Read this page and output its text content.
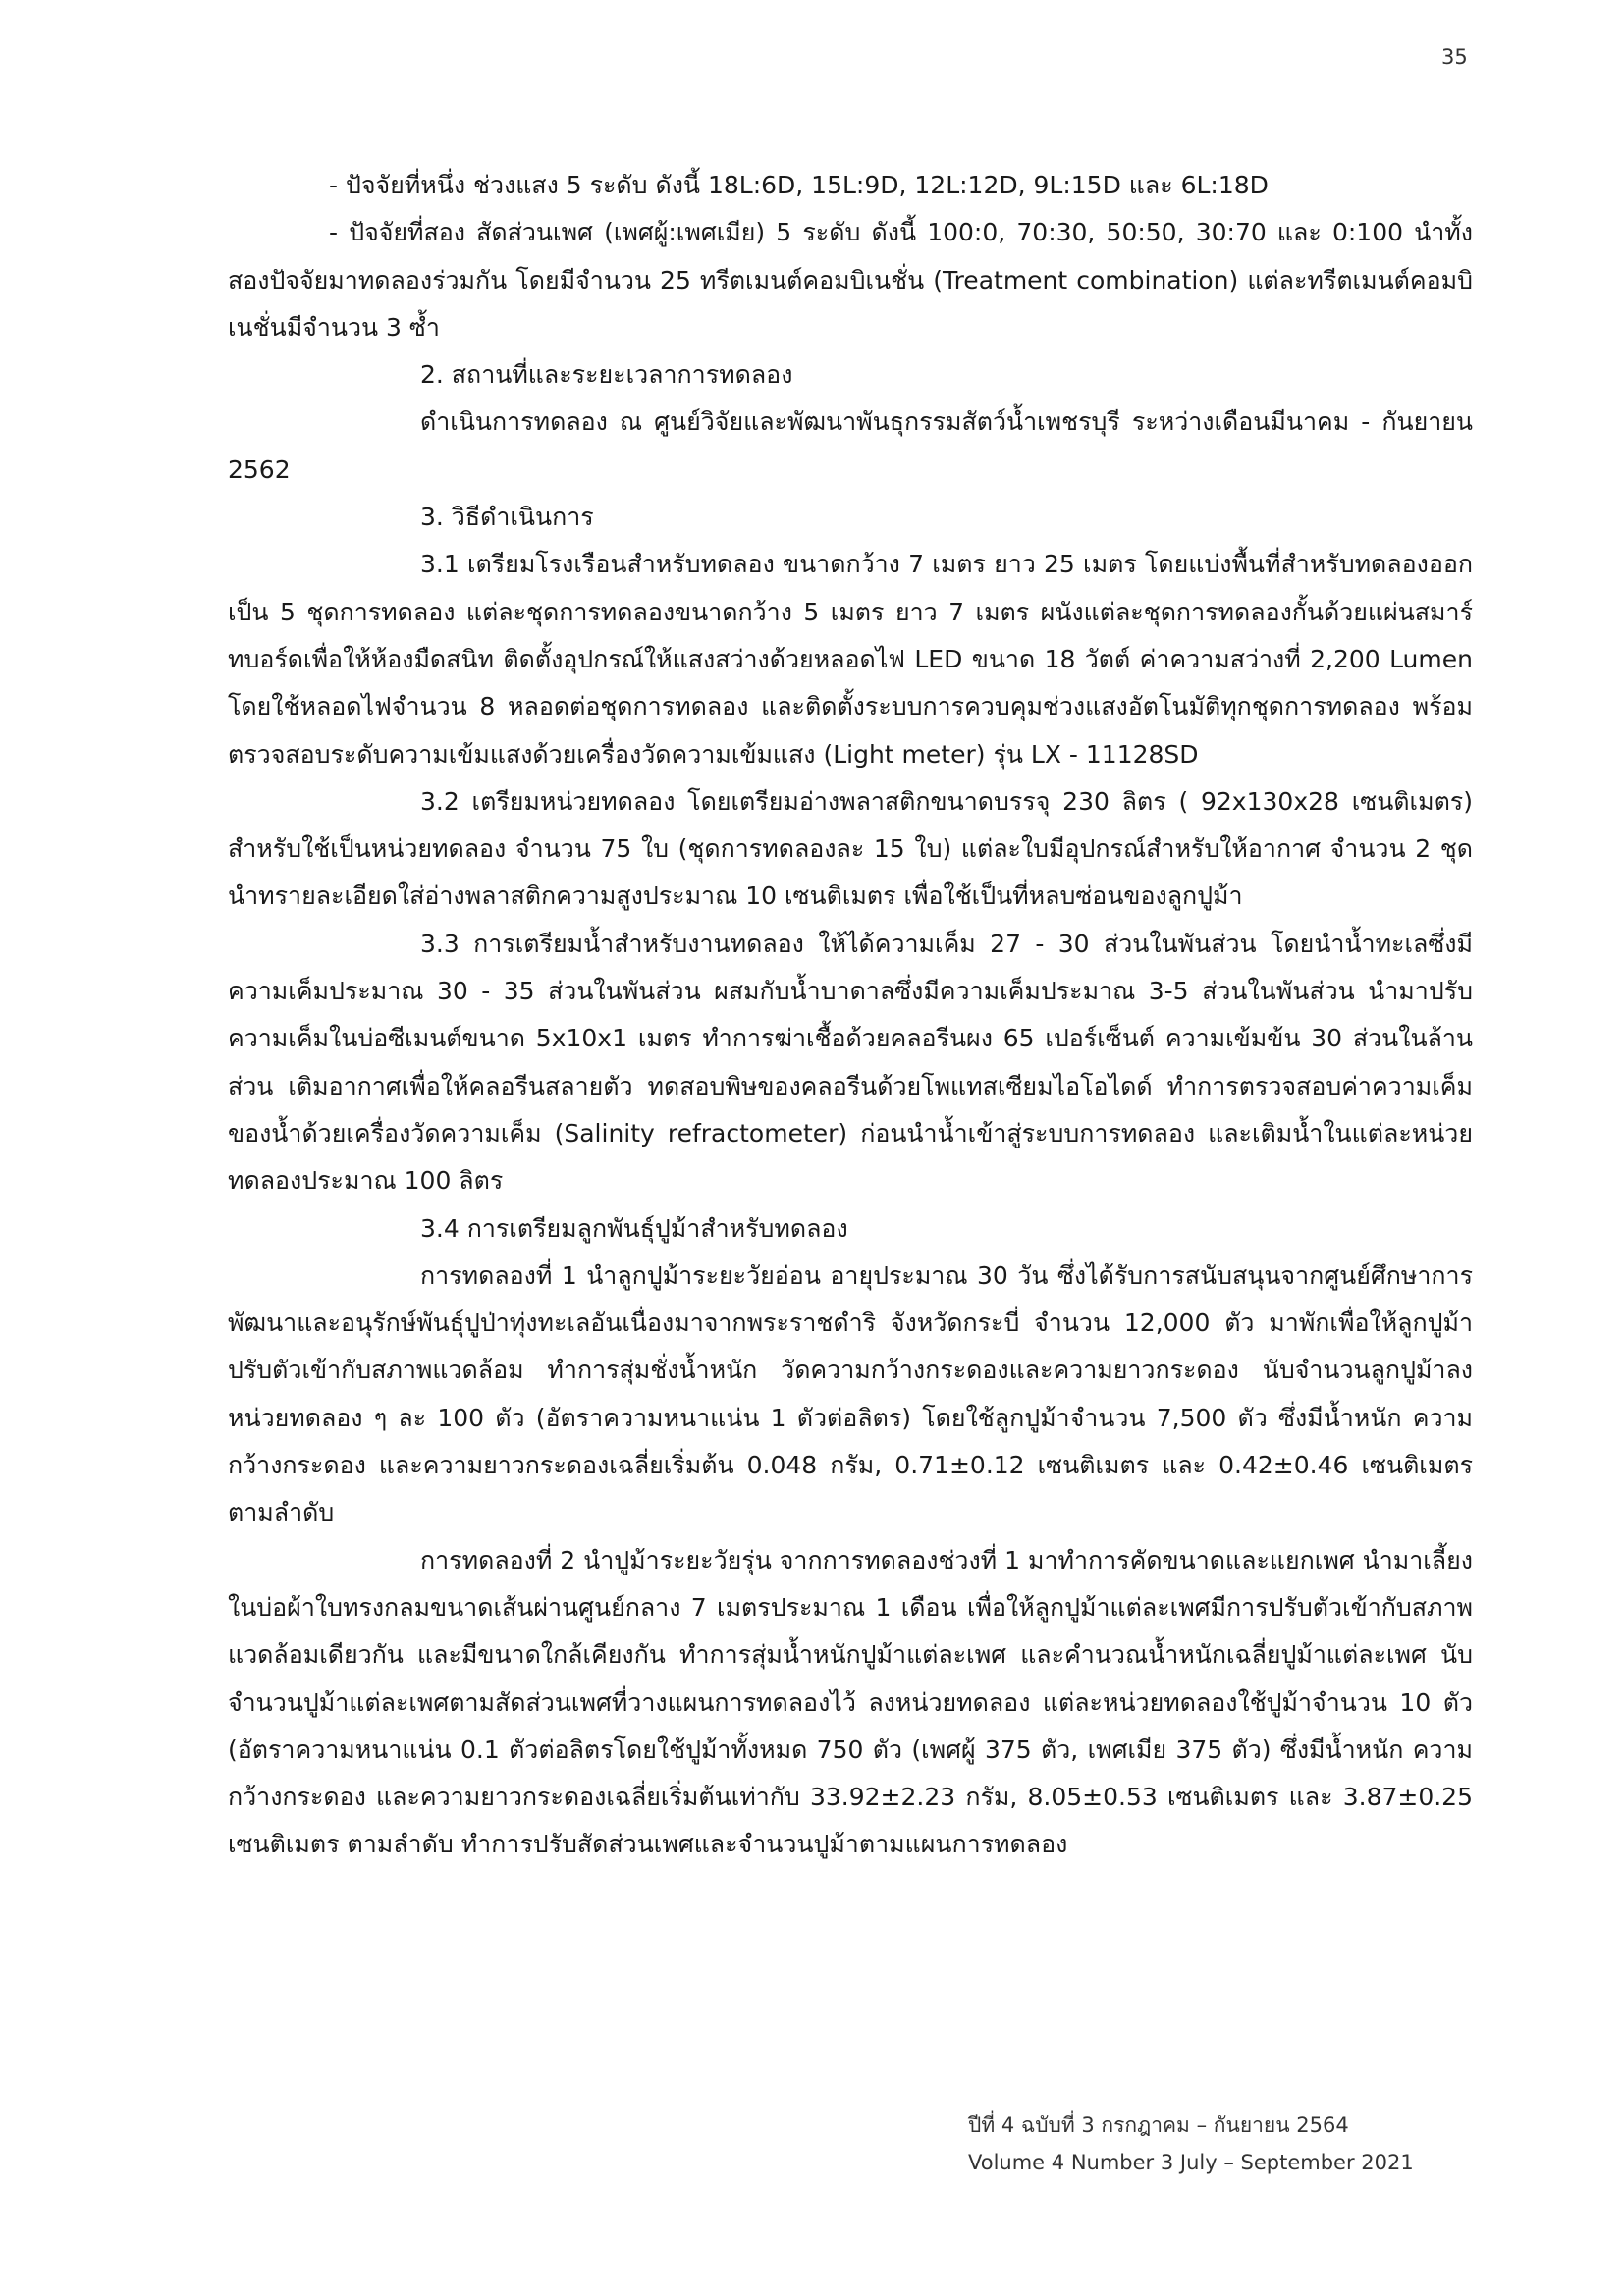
35

- ปัจจัยที่หนึ่ง ช่วงแสง 5 ระดับ ดังนี้ 18L:6D, 15L:9D, 12L:12D, 9L:15D และ 6L:18D

- ปัจจัยที่สอง สัดส่วนเพศ (เพศผู้:เพศเมีย) 5 ระดับ ดังนี้ 100:0, 70:30, 50:50, 30:70 และ 0:100 นำทั้งสองปัจจัยมาทดลองร่วมกัน โดยมีจำนวน 25 ทรีตเมนต์คอมบิเนชั่น (Treatment combination) แต่ละทรีตเมนต์คอมบิเนชั่นมีจำนวน 3 ซ้ำ

2. สถานที่และระยะเวลาการทดลอง

ดำเนินการทดลอง ณ ศูนย์วิจัยและพัฒนาพันธุกรรมสัตว์น้ำเพชรบุรี ระหว่างเดือนมีนาคม - กันยายน 2562

3. วิธีดำเนินการ

3.1 เตรียมโรงเรือนสำหรับทดลอง ขนาดกว้าง 7 เมตร ยาว 25 เมตร โดยแบ่งพื้นที่สำหรับทดลองออกเป็น 5 ชุดการทดลอง แต่ละชุดการทดลองขนาดกว้าง 5 เมตร ยาว 7 เมตร ผนังแต่ละชุดการทดลองกั้นด้วยแผ่นสมาร์ทบอร์ดเพื่อให้ห้องมืดสนิท ติดตั้งอุปกรณ์ให้แสงสว่างด้วยหลอดไฟ LED ขนาด 18 วัตต์ ค่าความสว่างที่ 2,200 Lumen โดยใช้หลอดไฟจำนวน 8 หลอดต่อชุดการทดลอง และติดตั้งระบบการควบคุมช่วงแสงอัตโนมัติทุกชุดการทดลอง พร้อมตรวจสอบระดับความเข้มแสงด้วยเครื่องวัดความเข้มแสง (Light meter) รุ่น LX - 11128SD

3.2 เตรียมหน่วยทดลอง โดยเตรียมอ่างพลาสติกขนาดบรรจุ 230 ลิตร ( 92x130x28 เซนติเมตร) สำหรับใช้เป็นหน่วยทดลอง จำนวน 75 ใบ (ชุดการทดลองละ 15 ใบ) แต่ละใบมีอุปกรณ์สำหรับให้อากาศ จำนวน 2 ชุด นำทรายละเอียดใส่อ่างพลาสติกความสูงประมาณ 10 เซนติเมตร เพื่อใช้เป็นที่หลบซ่อนของลูกปูม้า

3.3 การเตรียมน้ำสำหรับงานทดลอง ให้ได้ความเค็ม 27 - 30 ส่วนในพันส่วน โดยนำน้ำทะเลซึ่งมีความเค็มประมาณ 30 - 35 ส่วนในพันส่วน ผสมกับน้ำบาดาลซึ่งมีความเค็มประมาณ 3-5 ส่วนในพันส่วน นำมาปรับความเค็มในบ่อซีเมนต์ขนาด 5x10x1 เมตร ทำการฆ่าเชื้อด้วยคลอรีนผง 65 เปอร์เซ็นต์ ความเข้มข้น 30 ส่วนในล้านส่วน เติมอากาศเพื่อให้คลอรีนสลายตัว ทดสอบพิษของคลอรีนด้วยโพแทสเซียมไอโอไดด์ ทำการตรวจสอบค่าความเค็มของน้ำด้วยเครื่องวัดความเค็ม (Salinity refractometer) ก่อนนำน้ำเข้าสู่ระบบการทดลอง และเติมน้ำในแต่ละหน่วยทดลองประมาณ 100 ลิตร

3.4 การเตรียมลูกพันธุ์ปูม้าสำหรับทดลอง

การทดลองที่ 1 นำลูกปูม้าระยะวัยอ่อน อายุประมาณ 30 วัน ซึ่งได้รับการสนับสนุนจากศูนย์ศึกษาการพัฒนาและอนุรักษ์พันธุ์ปูป่าทุ่งทะเลอันเนื่องมาจากพระราชดำริ จังหวัดกระบี่ จำนวน 12,000 ตัว มาพักเพื่อให้ลูกปูม้าปรับตัวเข้ากับสภาพแวดล้อม ทำการสุ่มชั่งน้ำหนัก วัดความกว้างกระดองและความยาวกระดอง นับจำนวนลูกปูม้าลงหน่วยทดลอง ๆ ละ 100 ตัว (อัตราความหนาแน่น 1 ตัวต่อลิตร) โดยใช้ลูกปูม้าจำนวน 7,500 ตัว ซึ่งมีน้ำหนัก ความกว้างกระดอง และความยาวกระดองเฉลี่ยเริ่มต้น 0.048 กรัม, 0.71±0.12 เซนติเมตร และ 0.42±0.46 เซนติเมตรตามลำดับ

การทดลองที่ 2 นำปูม้าระยะวัยรุ่น จากการทดลองช่วงที่ 1 มาทำการคัดขนาดและแยกเพศ นำมาเลี้ยงในบ่อผ้าใบทรงกลมขนาดเส้นผ่านศูนย์กลาง 7 เมตรประมาณ 1 เดือน เพื่อให้ลูกปูม้าแต่ละเพศมีการปรับตัวเข้ากับสภาพแวดล้อมเดียวกัน และมีขนาดใกล้เคียงกัน ทำการสุ่มน้ำหนักปูม้าแต่ละเพศ และคำนวณน้ำหนักเฉลี่ยปูม้าแต่ละเพศ นับจำนวนปูม้าแต่ละเพศตามสัดส่วนเพศที่วางแผนการทดลองไว้ ลงหน่วยทดลอง แต่ละหน่วยทดลองใช้ปูม้าจำนวน 10 ตัว (อัตราความหนาแน่น 0.1 ตัวต่อลิตรโดยใช้ปูม้าทั้งหมด 750 ตัว (เพศผู้ 375 ตัว, เพศเมีย 375 ตัว) ซึ่งมีน้ำหนัก ความกว้างกระดอง และความยาวกระดองเฉลี่ยเริ่มต้นเท่ากับ 33.92±2.23 กรัม, 8.05±0.53 เซนติเมตร และ 3.87±0.25 เซนติเมตร ตามลำดับ ทำการปรับสัดส่วนเพศและจำนวนปูม้าตามแผนการทดลอง

ปีที่ 4 ฉบับที่ 3 กรกฎาคม – กันยายน 2564
Volume 4 Number 3 July – September 2021
